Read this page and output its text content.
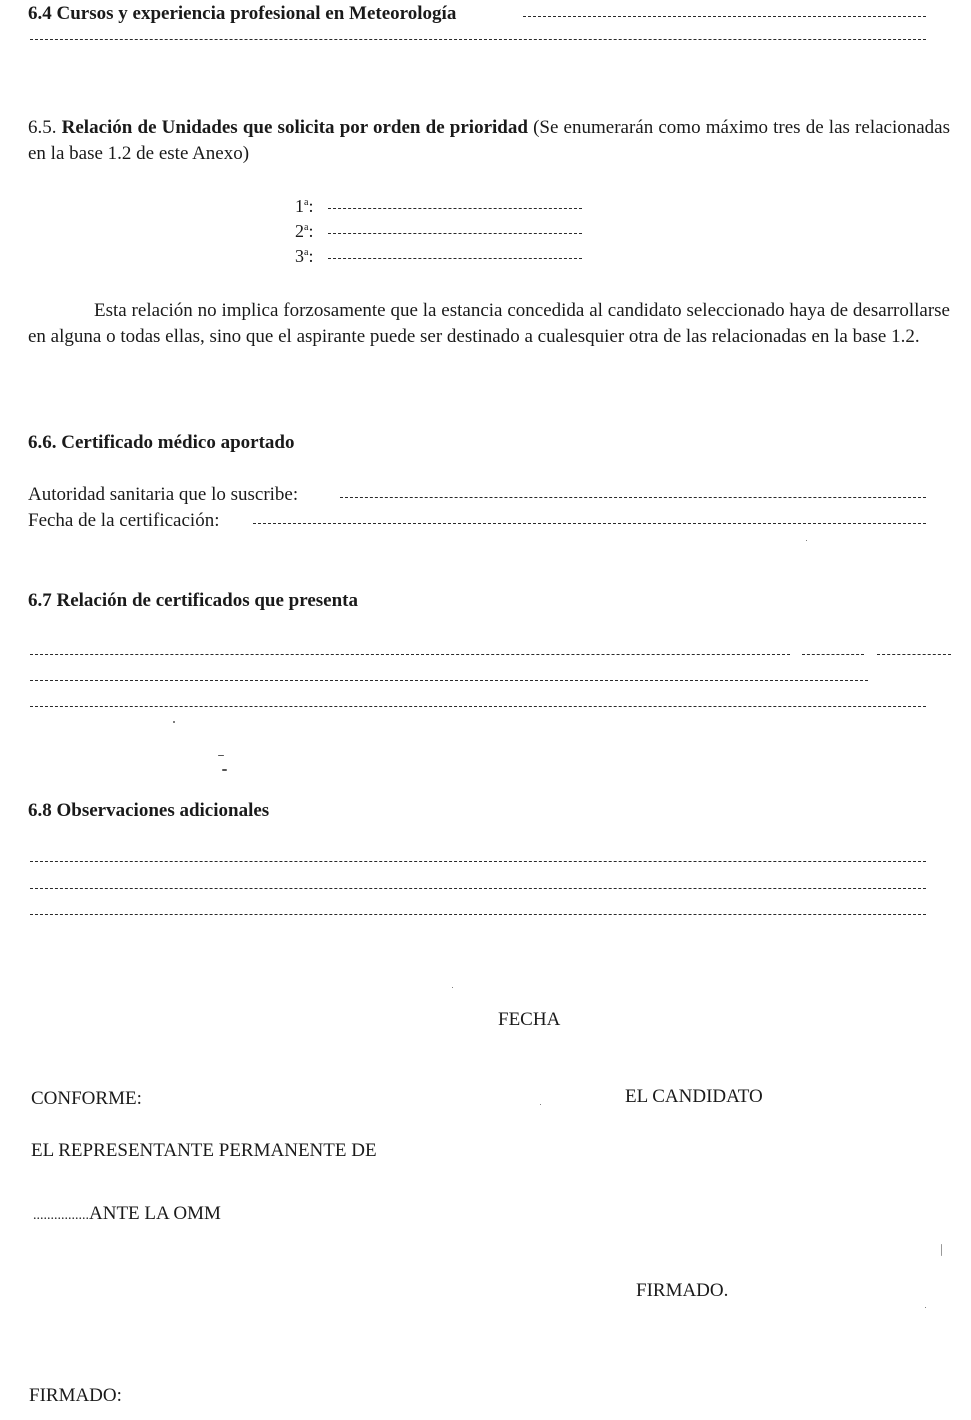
6.4 Cursos y experiencia profesional en Meteorología
6.5. Relación de Unidades que solicita por orden de prioridad (Se enumerarán como máximo tres de las relacionadas en la base 1.2 de este Anexo)
1$^a$:
2$^a$:
3$^a$:
Esta relación no implica forzosamente que la estancia concedida al candidato seleccionado haya de desarrollarse en alguna o todas ellas, sino que el aspirante puede ser destinado a cualesquier otra de las relacionadas en la base 1.2.
6.6. Certificado médico aportado
Autoridad sanitaria que lo suscribe:
Fecha de la certificación:
6.7 Relación de certificados que presenta
6.8 Observaciones adicionales
FECHA
CONFORME:	EL CANDIDATO
EL REPRESENTANTE PERMANENTE DE
................ANTE LA OMM
FIRMADO.
FIRMADO:
